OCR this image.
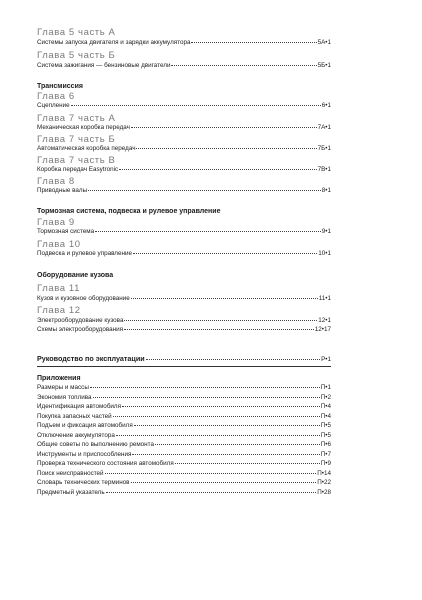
Глава 5 часть А
Системы запуска двигателя и зарядки аккумулятора	5А•1
Глава 5 часть Б
Система зажигания — бензиновые двигатели	5Б•1
Трансмиссия
Глава 6
Сцепление	6•1
Глава 7 часть А
Механическая коробка передач	7А•1
Глава 7 часть Б
Автоматическая коробка передач	7Б•1
Глава 7 часть В
Коробка передач Easytronic	7В•1
Глава 8
Приводные валы	8•1
Тормозная система, подвеска и рулевое управление
Глава 9
Тормозная система	9•1
Глава 10
Подвеска и рулевое управление	10•1
Оборудование кузова
Глава 11
Кузов и кузовное оборудование	11•1
Глава 12
Электрооборудование кузова	12•1
Схемы электрооборудования	12•17
Руководство по эксплуатации	Р•1
Приложения
Размеры и массы	П•1
Экономия топлива	П•2
Идентификация автомобиля	П•4
Покупка запасных частей	П•4
Подъем и фиксация автомобиля	П•5
Отключение аккумулятора	П•5
Общие советы по выполнению ремонта	П•6
Инструменты и приспособления	П•7
Проверка технического состояния автомобиля	П•9
Поиск неисправностей	П•14
Словарь технических терминов	П•22
Предметный указатель	П•28
